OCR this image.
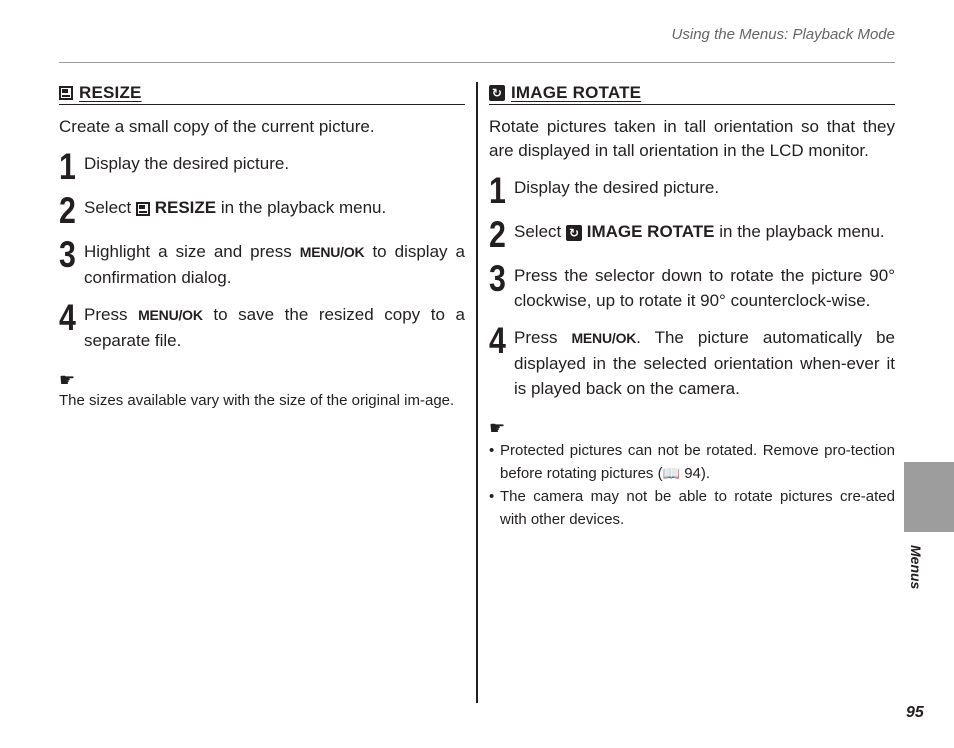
Using the Menus: Playback Mode
RESIZE

Create a small copy of the current picture.

1 Display the desired picture.
2 Select  RESIZE in the playback menu.
3 Highlight a size and press MENU/OK to display a confirmation dialog.
4 Press MENU/OK to save the resized copy to a separate file.
☛
The sizes available vary with the size of the original im-age.
↻ IMAGE ROTATE

Rotate pictures taken in tall orientation so that they are displayed in tall orientation in the LCD monitor.

1 Display the desired picture.
2 Select ↻ IMAGE ROTATE in the playback menu.
3 Press the selector down to rotate the picture 90° clockwise, up to rotate it 90° counterclock-wise.
4 Press MENU/OK. The picture automatically be displayed in the selected orientation when-ever it is played back on the camera.
☛
• Protected pictures can not be rotated. Remove pro-tection before rotating pictures (📖 94).
• The camera may not be able to rotate pictures cre-ated with other devices.
Menus
95
